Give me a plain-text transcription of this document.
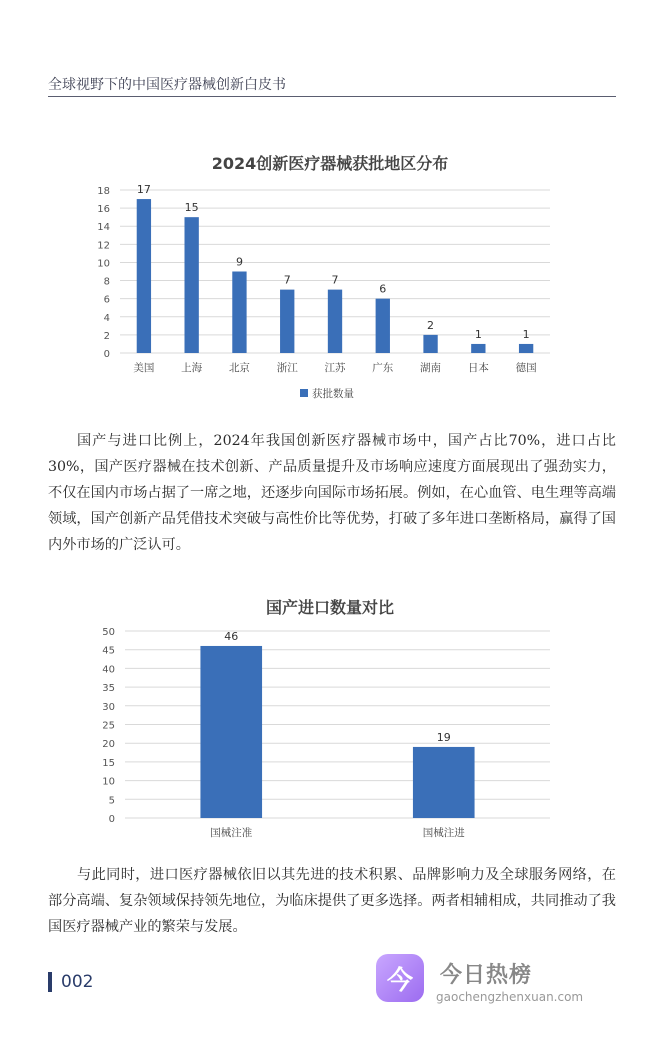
全球视野下的中国医疗器械创新白皮书
2024创新医疗器械获批地区分布
0
2
4
6
8
10
12
14
16
18 17
美国
15
上海
9
北京
7
浙江
7
江苏
6
广东
2
湖南
1
日本
1
德国
获批数量

国产与进口比例上，2024年我国创新医疗器械市场中，国产占比70%，进口占比30%，国产医疗器械在技术创新、产品质量提升及市场响应速度方面展现出了强劲实力，不仅在国内市场占据了一席之地，还逐步向国际市场拓展。例如，在心血管、电生理等高端领域，国产创新产品凭借技术突破与高性价比等优势，打破了多年进口垄断格局，赢得了国内外市场的广泛认可。

国产进口数量对比
0
5
10
15
20
25
30
35
40
45
50	46
国械注准
19
国械注进

与此同时，进口医疗器械依旧以其先进的技术积累、品牌影响力及全球服务网络，在部分高端、复杂领域保持领先地位，为临床提供了更多选择。两者相辅相成，共同推动了我国医疗器械产业的繁荣与发展。

002	今	今日热榜
gaochengzhenxuan.com
